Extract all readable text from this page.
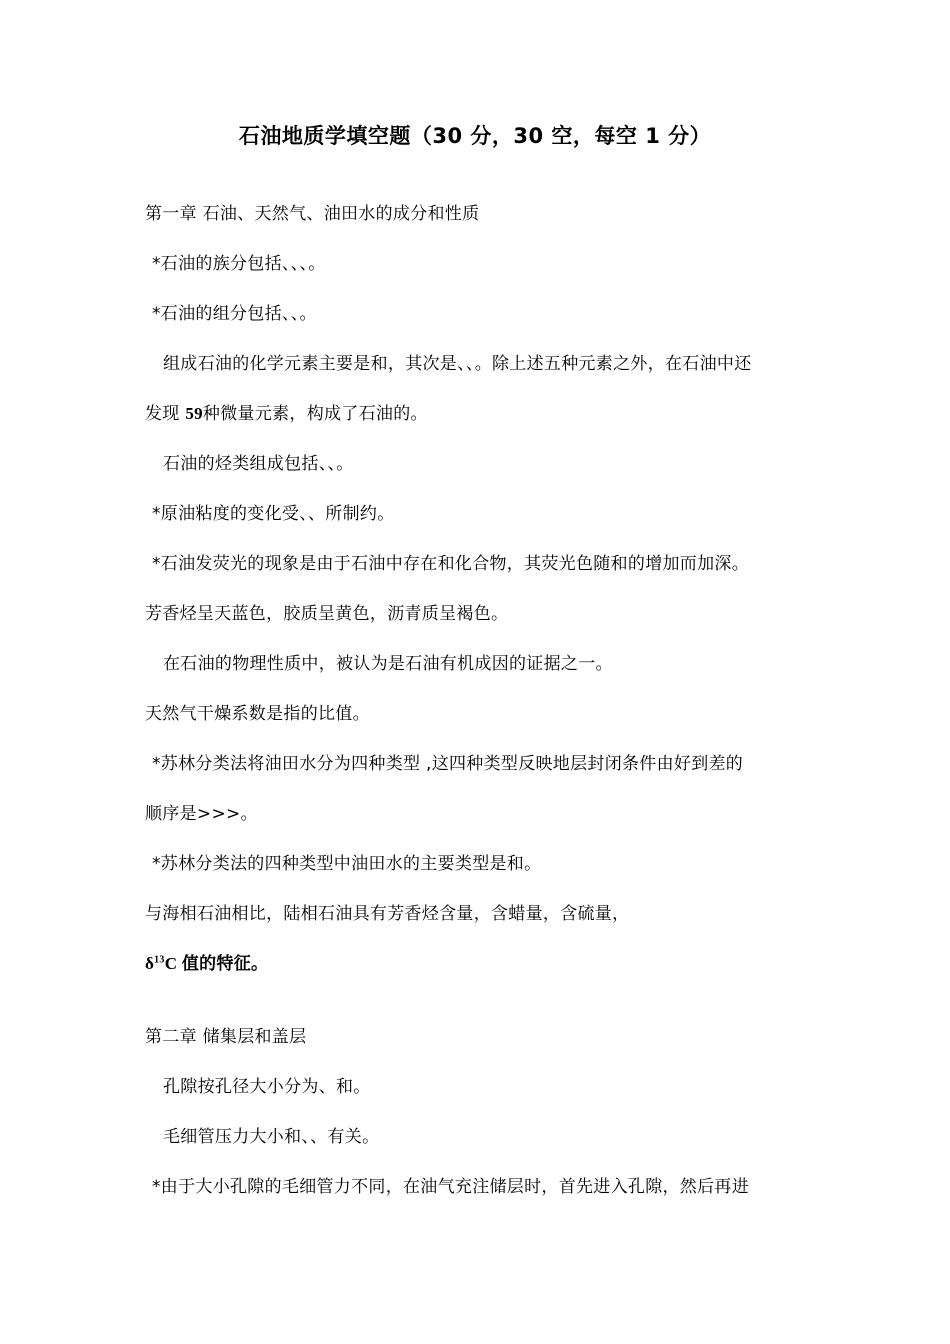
石油地质学填空题（30 分，30 空，每空 1 分）
第一章 石油、天然气、油田水的成分和性质
*石油的族分包括、、、。
*石油的组分包括、、。
组成石油的化学元素主要是和，其次是、、。除上述五种元素之外，在石油中还
发现 59种微量元素，构成了石油的。
石油的烃类组成包括、、。
*原油粘度的变化受、、所制约。
*石油发荧光的现象是由于石油中存在和化合物，其荧光色随和的增加而加深。
芳香烃呈天蓝色，胶质呈黄色，沥青质呈褐色。
在石油的物理性质中，被认为是石油有机成因的证据之一。
天然气干燥系数是指的比值。
*苏林分类法将油田水分为四种类型 ,这四种类型反映地层封闭条件由好到差的
顺序是>>>。
*苏林分类法的四种类型中油田水的主要类型是和。
与海相石油相比，陆相石油具有芳香烃含量，含蜡量，含硫量，
$\delta^{13}C$ 值的特征。
第二章 储集层和盖层
孔隙按孔径大小分为、和。
毛细管压力大小和、、有关。
*由于大小孔隙的毛细管力不同，在油气充注储层时，首先进入孔隙，然后再进
